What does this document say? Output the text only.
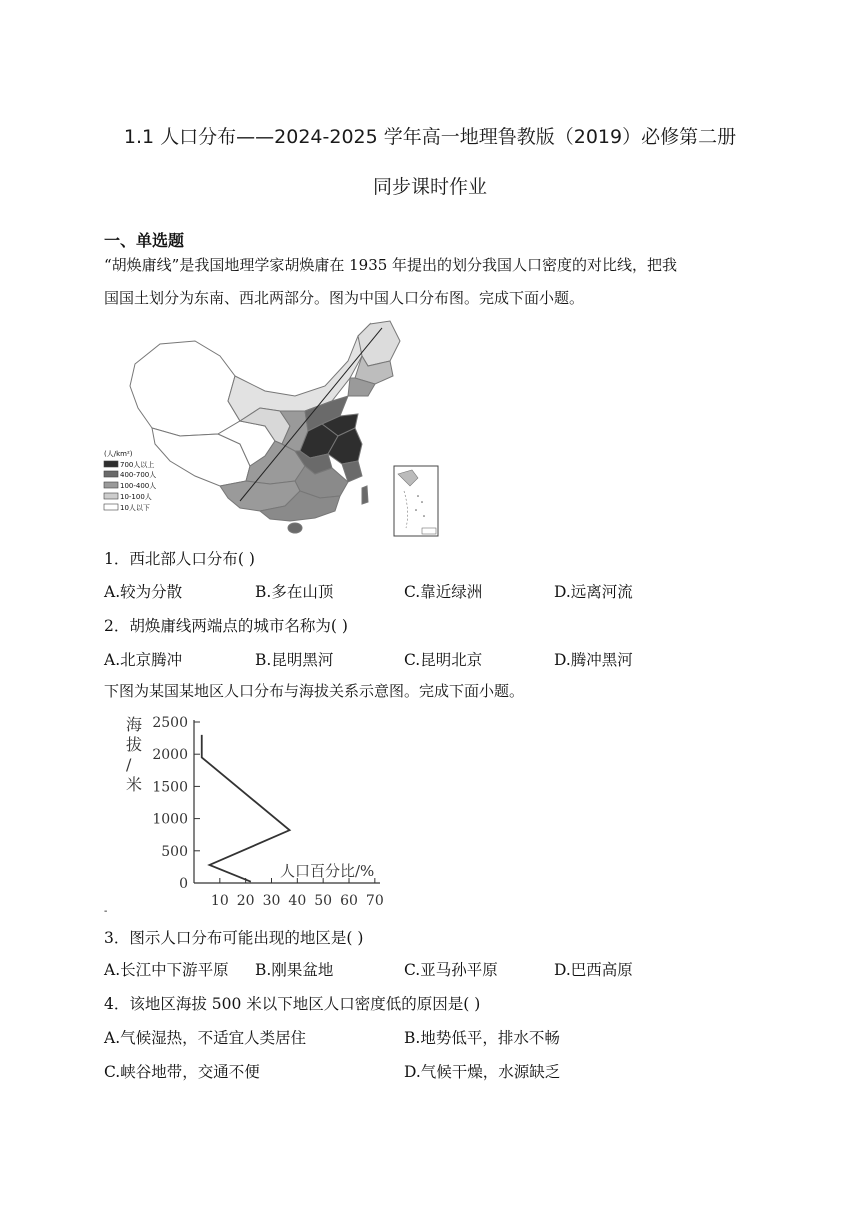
1.1 人口分布——2024-2025 学年高一地理鲁教版（2019）必修第二册
同步课时作业
一、单选题
“胡焕庸线”是我国地理学家胡焕庸在 1935 年提出的划分我国人口密度的对比线，把我
国国土划分为东南、西北两部分。图为中国人口分布图。完成下面小题。
(人/km²)
700人以上
400-700人
100-400人
10-100人
10人以下
1．西北部人口分布( )
A.较为分散	B.多在山顶	C.靠近绿洲	D.远离河流
2．胡焕庸线两端点的城市名称为( )
A.北京腾冲	B.昆明黑河	C.昆明北京	D.腾冲黑河
下图为某国某地区人口分布与海拔关系示意图。完成下面小题。
海拔/米
0
500
1000
1500
2000
2500
10 20 30 40 50 60 70
人口百分比/%
-
3．图示人口分布可能出现的地区是( )
A.长江中下游平原 B.刚果盆地	C.亚马孙平原	D.巴西高原
4．该地区海拔 500 米以下地区人口密度低的原因是( )
A.气候湿热，不适宜人类居住	B.地势低平，排水不畅
C.峡谷地带，交通不便	D.气候干燥，水源缺乏
